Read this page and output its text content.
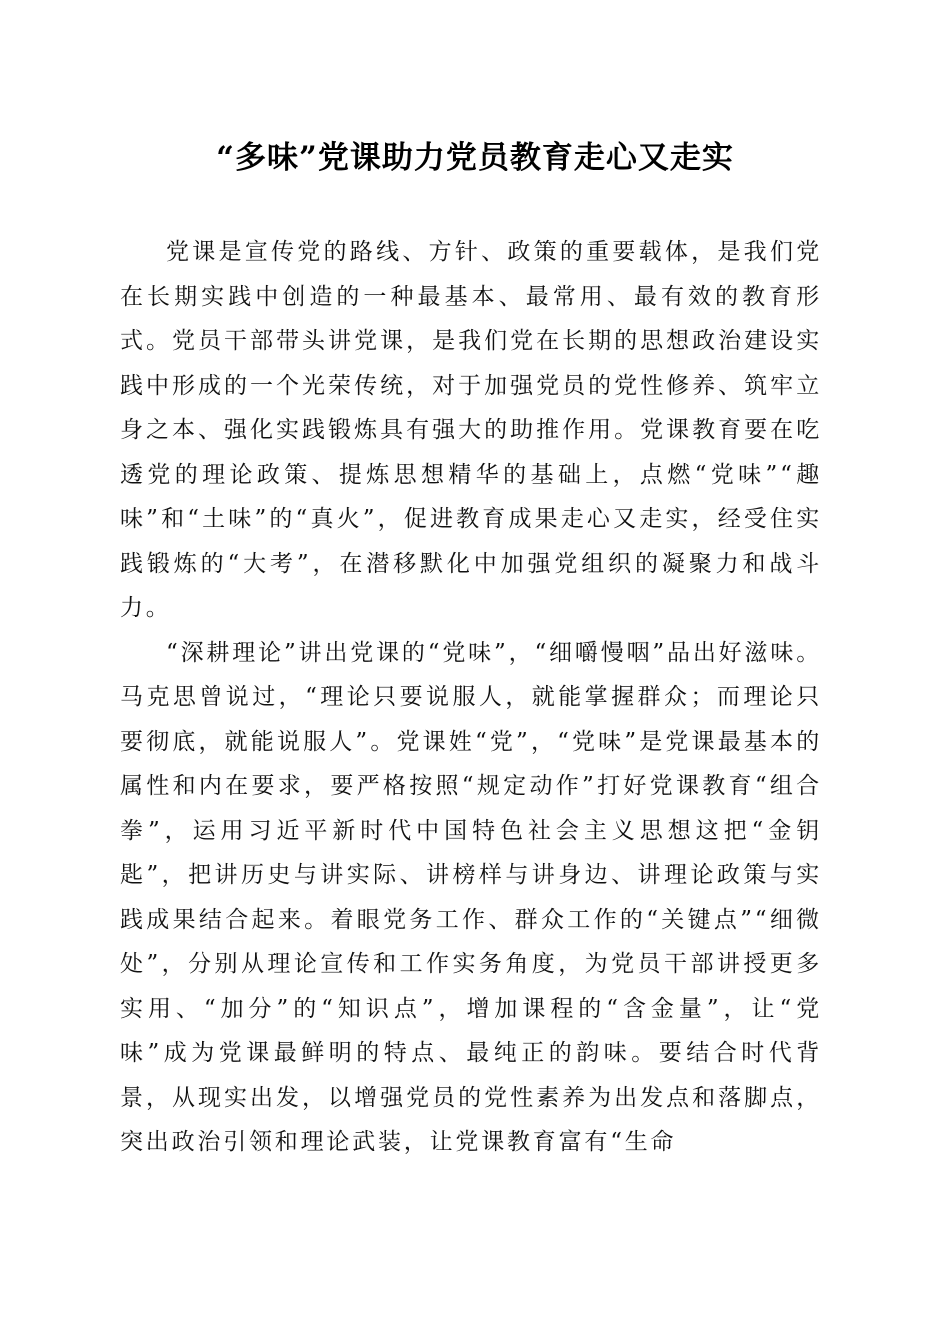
“多味”党课助力党员教育走心又走实

党课是宣传党的路线、方针、政策的重要载体，是我们党在长期实践中创造的一种最基本、最常用、最有效的教育形式。党员干部带头讲党课，是我们党在长期的思想政治建设实践中形成的一个光荣传统，对于加强党员的党性修养、筑牢立身之本、强化实践锻炼具有强大的助推作用。党课教育要在吃透党的理论政策、提炼思想精华的基础上，点燃“党味”“趣味”和“土味”的“真火”，促进教育成果走心又走实，经受住实践锻炼的“大考”，在潜移默化中加强党组织的凝聚力和战斗力。

“深耕理论”讲出党课的“党味”，“细嚼慢咽”品出好滋味。马克思曾说过，“理论只要说服人，就能掌握群众；而理论只要彻底，就能说服人”。党课姓“党”，“党味”是党课最基本的属性和内在要求，要严格按照“规定动作”打好党课教育“组合拳”，运用习近平新时代中国特色社会主义思想这把“金钥匙”，把讲历史与讲实际、讲榜样与讲身边、讲理论政策与实践成果结合起来。着眼党务工作、群众工作的“关键点”“细微处”，分别从理论宣传和工作实务角度，为党员干部讲授更多实用、“加分”的“知识点”，增加课程的“含金量”，让“党味”成为党课最鲜明的特点、最纯正的韵味。要结合时代背景，从现实出发，以增强党员的党性素养为出发点和落脚点，突出政治引领和理论武装，让党课教育富有“生命
